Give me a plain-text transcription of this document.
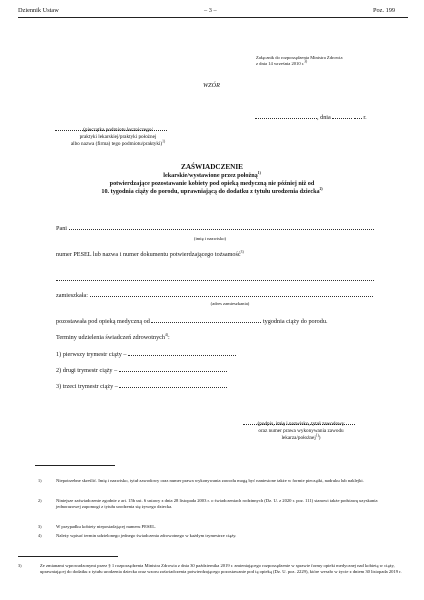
Dziennik Ustaw	– 3 –	Poz. 199
Załącznik do rozporządzenia Ministra Zdrowia
z dnia 14 września 2010 r.$^{3)}$
WZÓR
(pieczątka podmiotu leczniczego/
praktyki lekarskiej/praktyki położnej
albo nazwa (firma) tego podmiotu/praktyki)$^{1)}$
, dnia	r.
ZAŚWIADCZENIE
lekarskie/wystawione przez położną$^{1)}$
potwierdzające pozostawanie kobiety pod opieką medyczną nie później niż od
10. tygodnia ciąży do porodu, uprawniającą do dodatku z tytułu urodzenia dziecka$^{2)}$
Pani
(imię i nazwisko)
numer PESEL lub nazwa i numer dokumentu potwierdzającego tożsamość$^{3)}$
zamieszkała:
(adres zamieszkania)
pozostawała pod opieką medyczną od	tygodnia ciąży do porodu.
Terminy udzielenia świadczeń zdrowotnych$^{4)}$:
1) pierwszy trymestr ciąży –
2) drugi trymestr ciąży –
3) trzeci trymestr ciąży –
(podpis, imię i nazwisko, tytuł zawodowy
oraz numer prawa wykonywania zawodu
lekarza/położnej$^{1)}$)
1)	Niepotrzebne skreślić. Imię i nazwisko, tytuł zawodowy oraz numer prawa wykonywania zawodu mogą być naniesione także w formie pieczątki, nadruku lub naklejki.
2)	Niniejsze zaświadczenie zgodnie z art. 15b ust. 6 ustawy z dnia 28 listopada 2003 r. o świadczeniach rodzinnych (Dz. U. z 2020 r. poz. 111) stanowi także podstawę uzyskania jednorazowej zapomogi z tytułu urodzenia się żywego dziecka.
3)	W przypadku kobiety nieposiadającej numeru PESEL.
4)	Należy wpisać termin udzielonego jednego świadczenia zdrowotnego w każdym trymestrze ciąży.
3)	Ze zmianami wprowadzonymi przez § 1 rozporządzenia Ministra Zdrowia z dnia 30 października 2019 r. zmieniającego rozporządzenie w sprawie formy opieki medycznej nad kobietą w ciąży, uprawniającej do dodatku z tytułu urodzenia dziecka oraz wzoru zaświadczenia potwierdzającego pozostawanie pod tą opieką (Dz. U. poz. 2229), które weszło w życie z dniem 30 listopada 2019 r.
